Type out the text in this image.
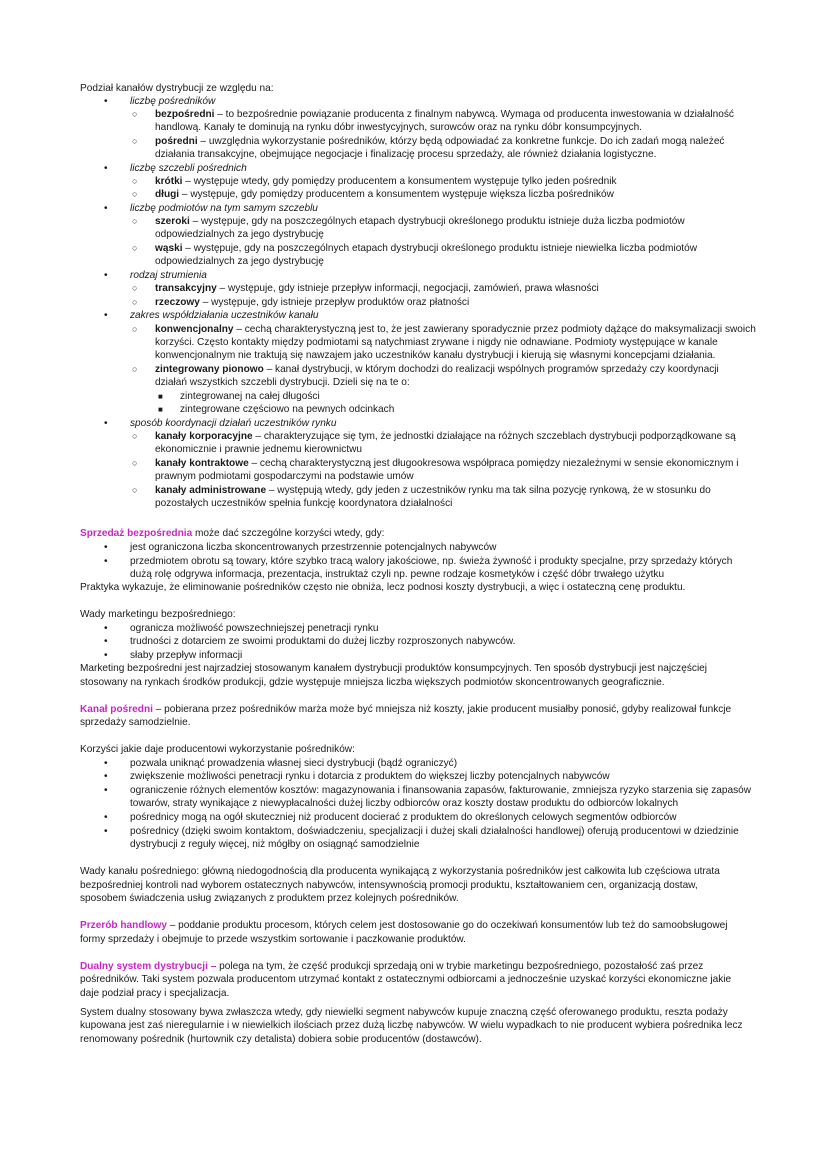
Podział kanałów dystrybucji ze względu na:
• liczbę pośredników
○ bezpośredni – to bezpośrednie powiązanie producenta z finalnym nabywcą. Wymaga od producenta inwestowania w działalność
handlową. Kanały te dominują na rynku dóbr inwestycyjnych, surowców oraz na rynku dóbr konsumpcyjnych.
○ pośredni – uwzględnia wykorzystanie pośredników, którzy będą odpowiadać za konkretne funkcje. Do ich zadań mogą należeć
działania transakcyjne, obejmujące negocjacje i finalizację procesu sprzedaży, ale również działania logistyczne.
• liczbę szczebli pośrednich
○ krótki – występuje wtedy, gdy pomiędzy producentem a konsumentem występuje tylko jeden pośrednik
○ długi – występuje, gdy pomiędzy producentem a konsumentem występuje większa liczba pośredników
• liczbę podmiotów na tym samym szczeblu
○ szeroki – występuje, gdy na poszczególnych etapach dystrybucji określonego produktu istnieje duża liczba podmiotów
odpowiedzialnych za jego dystrybucję
○ wąski – występuje, gdy na poszczególnych etapach dystrybucji określonego produktu istnieje niewielka liczba podmiotów
odpowiedzialnych za jego dystrybucję
• rodzaj strumienia
○ transakcyjny – występuje, gdy istnieje przepływ informacji, negocjacji, zamówień, prawa własności
○ rzeczowy – występuje, gdy istnieje przepływ produktów oraz płatności
• zakres współdziałania uczestników kanału
○ konwencjonalny – cechą charakterystyczną jest to, że jest zawierany sporadycznie przez podmioty dążące do maksymalizacji swoich
korzyści. Często kontakty między podmiotami są natychmiast zrywane i nigdy nie odnawiane. Podmioty występujące w kanale
konwencjonalnym nie traktują się nawzajem jako uczestników kanału dystrybucji i kierują się własnymi koncepcjami działania.
○ zintegrowany pionowo – kanał dystrybucji, w którym dochodzi do realizacji wspólnych programów sprzedaży czy koordynacji
działań wszystkich szczebli dystrybucji. Dzieli się na te o:
■ zintegrowanej na całej długości
■ zintegrowane częściowo na pewnych odcinkach
• sposób koordynacji działań uczestników rynku
○ kanały korporacyjne – charakteryzujące się tym, że jednostki działające na różnych szczeblach dystrybucji podporządkowane są
ekonomicznie i prawnie jednemu kierownictwu
○ kanały kontraktowe – cechą charakterystyczną jest długookresowa współpraca pomiędzy niezależnymi w sensie ekonomicznym i
prawnym podmiotami gospodarczymi na podstawie umów
○ kanały administrowane – występują wtedy, gdy jeden z uczestników rynku ma tak silna pozycję rynkową, że w stosunku do
pozostałych uczestników spełnia funkcję koordynatora działalności
Sprzedaż bezpośrednia może dać szczególne korzyści wtedy, gdy:
• jest ograniczona liczba skoncentrowanych przestrzennie potencjalnych nabywców
• przedmiotem obrotu są towary, które szybko tracą walory jakościowe, np. świeża żywność i produkty specjalne, przy sprzedaży których
dużą rolę odgrywa informacja, prezentacja, instruktaż czyli np. pewne rodzaje kosmetyków i część dóbr trwałego użytku
Praktyka wykazuje, że eliminowanie pośredników często nie obniża, lecz podnosi koszty dystrybucji, a więc i ostateczną cenę produktu.
Wady marketingu bezpośredniego:
• ogranicza możliwość powszechniejszej penetracji rynku
• trudności z dotarciem ze swoimi produktami do dużej liczby rozproszonych nabywców.
• słaby przepływ informacji
Marketing bezpośredni jest najrzadziej stosowanym kanałem dystrybucji produktów konsumpcyjnych. Ten sposób dystrybucji jest najczęściej
stosowany na rynkach środków produkcji, gdzie występuje mniejsza liczba większych podmiotów skoncentrowanych geograficznie.
Kanał pośredni – pobierana przez pośredników marża może być mniejsza niż koszty, jakie producent musiałby ponosić, gdyby realizował funkcje
sprzedaży samodzielnie.
Korzyści jakie daje producentowi wykorzystanie pośredników:
• pozwala uniknąć prowadzenia własnej sieci dystrybucji (bądź ograniczyć)
• zwiększenie możliwości penetracji rynku i dotarcia z produktem do większej liczby potencjalnych nabywców
• ograniczenie różnych elementów kosztów: magazynowania i finansowania zapasów, fakturowanie, zmniejsza ryzyko starzenia się zapasów
towarów, straty wynikające z niewypłacalności dużej liczby odbiorców oraz koszty dostaw produktu do odbiorców lokalnych
• pośrednicy mogą na ogół skuteczniej niż producent docierać z produktem do określonych celowych segmentów odbiorców
• pośrednicy (dzięki swoim kontaktom, doświadczeniu, specjalizacji i dużej skali działalności handlowej) oferują producentowi w dziedzinie
dystrybucji z reguły więcej, niż mógłby on osiągnąć samodzielnie
Wady kanału pośredniego: główną niedogodnością dla producenta wynikającą z wykorzystania pośredników jest całkowita lub częściowa utrata
bezpośredniej kontroli nad wyborem ostatecznych nabywców, intensywnością promocji produktu, kształtowaniem cen, organizacją dostaw,
sposobem świadczenia usług związanych z produktem przez kolejnych pośredników.
Przerób handlowy – poddanie produktu procesom, których celem jest dostosowanie go do oczekiwań konsumentów lub też do samoobsługowej
formy sprzedaży i obejmuje to przede wszystkim sortowanie i paczkowanie produktów.
Dualny system dystrybucji – polega na tym, że część produkcji sprzedają oni w trybie marketingu bezpośredniego, pozostałość zaś przez
pośredników. Taki system pozwala producentom utrzymać kontakt z ostatecznymi odbiorcami a jednocześnie uzyskać korzyści ekonomiczne jakie
daje podział pracy i specjalizacja.
System dualny stosowany bywa zwłaszcza wtedy, gdy niewielki segment nabywców kupuje znaczną część oferowanego produktu, reszta podaży
kupowana jest zaś nieregularnie i w niewielkich ilościach przez dużą liczbę nabywców. W wielu wypadkach to nie producent wybiera pośrednika lecz
renomowany pośrednik (hurtownik czy detalista) dobiera sobie producentów (dostawców).
